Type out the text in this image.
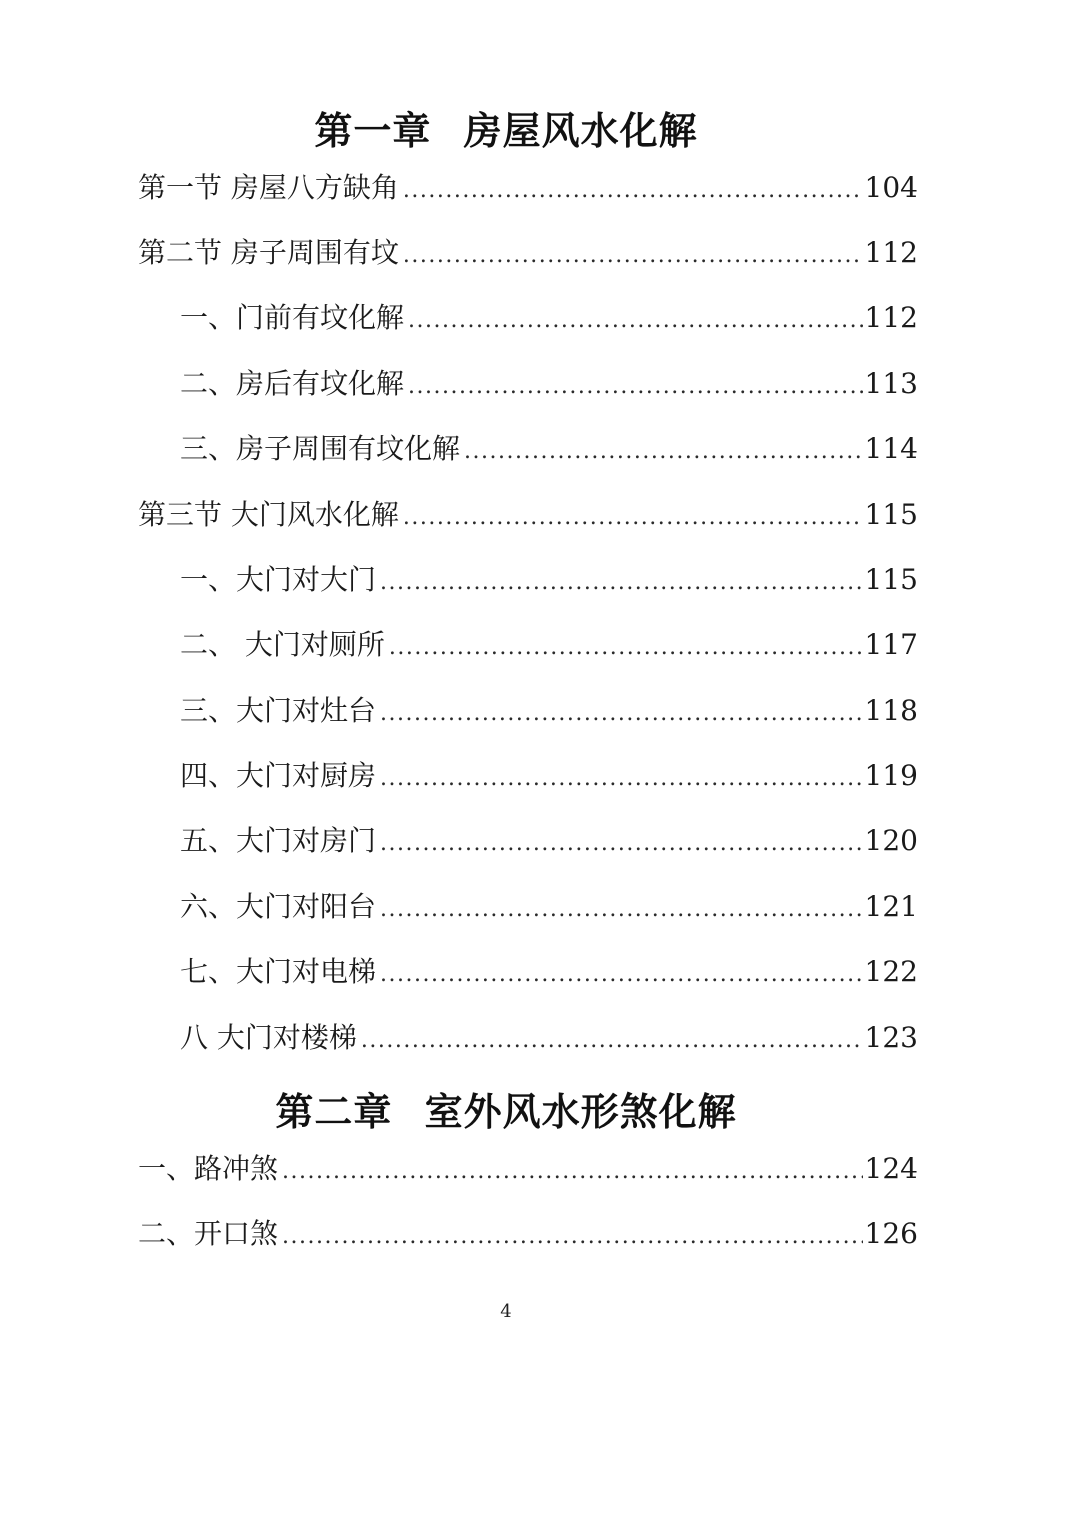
第一章 房屋风水化解
第一节 房屋八方缺角 .....	104
第二节 房子周围有坟 .....	112
一、门前有坟化解 .....	112
二、房后有坟化解 .....	113
三、房子周围有坟化解 .....	114
第三节 大门风水化解 .....	115
一、大门对大门 .....	115
二、 大门对厕所 .....	117
三、大门对灶台 .....	118
四、大门对厨房 .....	119
五、大门对房门 .....	120
六、大门对阳台 .....	121
七、大门对电梯 .....	122
八 大门对楼梯 .....	123
第二章 室外风水形煞化解
一、路冲煞 .....	124
二、开口煞 .....	126
4
